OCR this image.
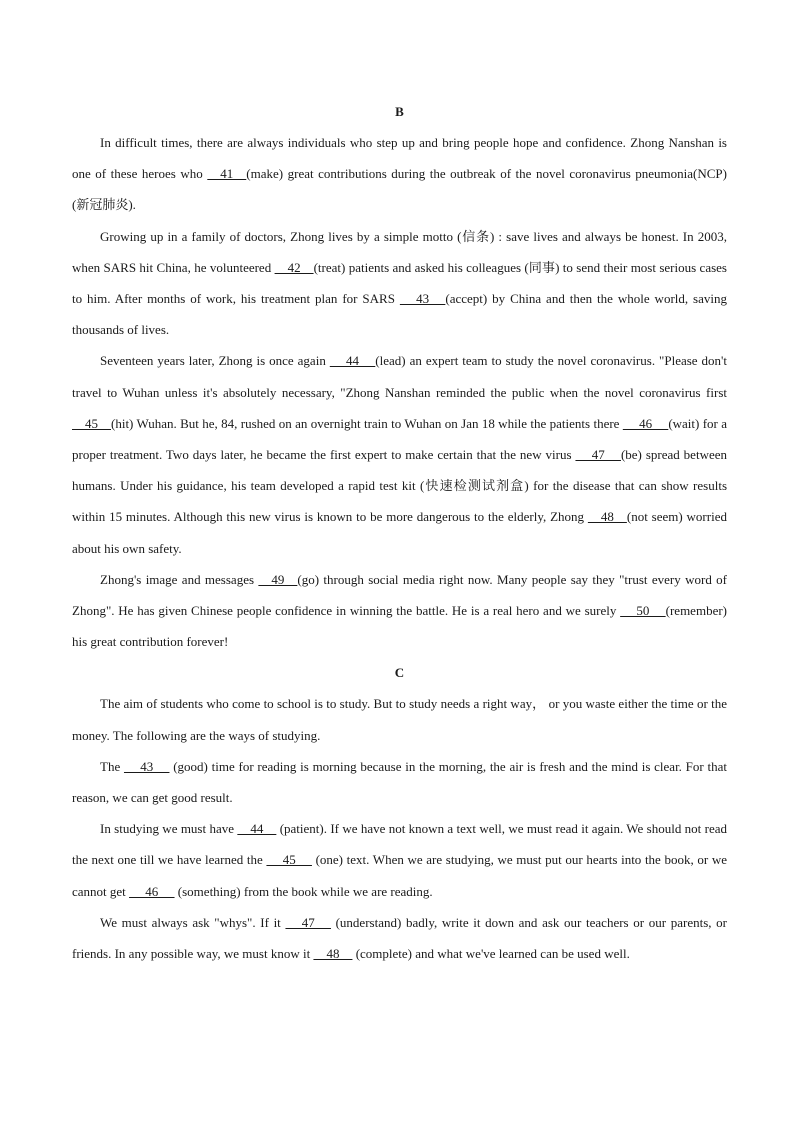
B

In difficult times, there are always individuals who step up and bring people hope and confidence. Zhong Nanshan is one of these heroes who     41    (make) great contributions during the outbreak of the novel coronavirus pneumonia(NCP) (新冠肺炎).

Growing up in a family of doctors, Zhong lives by a simple motto (信条) : save lives and always be honest. In 2003, when SARS hit China, he volunteered     42    (treat) patients and asked his colleagues (同事) to send their most serious cases to him. After months of work, his treatment plan for SARS      43     (accept) by China and then the whole world, saving thousands of lives.

Seventeen years later, Zhong is once again      44     (lead) an expert team to study the novel coronavirus. "Please don't travel to Wuhan unless it's absolutely necessary, "Zhong Nanshan reminded the public when the novel coronavirus first     45    (hit) Wuhan. But he, 84, rushed on an overnight train to Wuhan on Jan 18 while the patients there      46     (wait) for a proper treatment. Two days later, he became the first expert to make certain that the new virus      47     (be) spread between humans. Under his guidance, his team developed a rapid test kit (快速检测试剂盒) for the disease that can show results within 15 minutes. Although this new virus is known to be more dangerous to the elderly, Zhong     48    (not seem) worried about his own safety.

Zhong's image and messages     49    (go) through social media right now. Many people say they "trust every word of Zhong". He has given Chinese people confidence in winning the battle. He is a real hero and we surely      50     (remember) his great contribution forever!

C

The aim of students who come to school is to study. But to study needs a right way， or you waste either the time or the money. The following are the ways of studying.

The      43      (good) time for reading is morning because in the morning, the air is fresh and the mind is clear. For that reason, we can get good result.

In studying we must have     44     (patient). If we have not known a text well, we must read it again. We should not read the next one till we have learned the      45      (one) text. When we are studying, we must put our hearts into the book, or we cannot get      46      (something) from the book while we are reading.

We must always ask "whys". If it      47      (understand) badly, write it down and ask our teachers or our parents, or friends. In any possible way, we must know it     48     (complete) and what we've learned can be used well.
